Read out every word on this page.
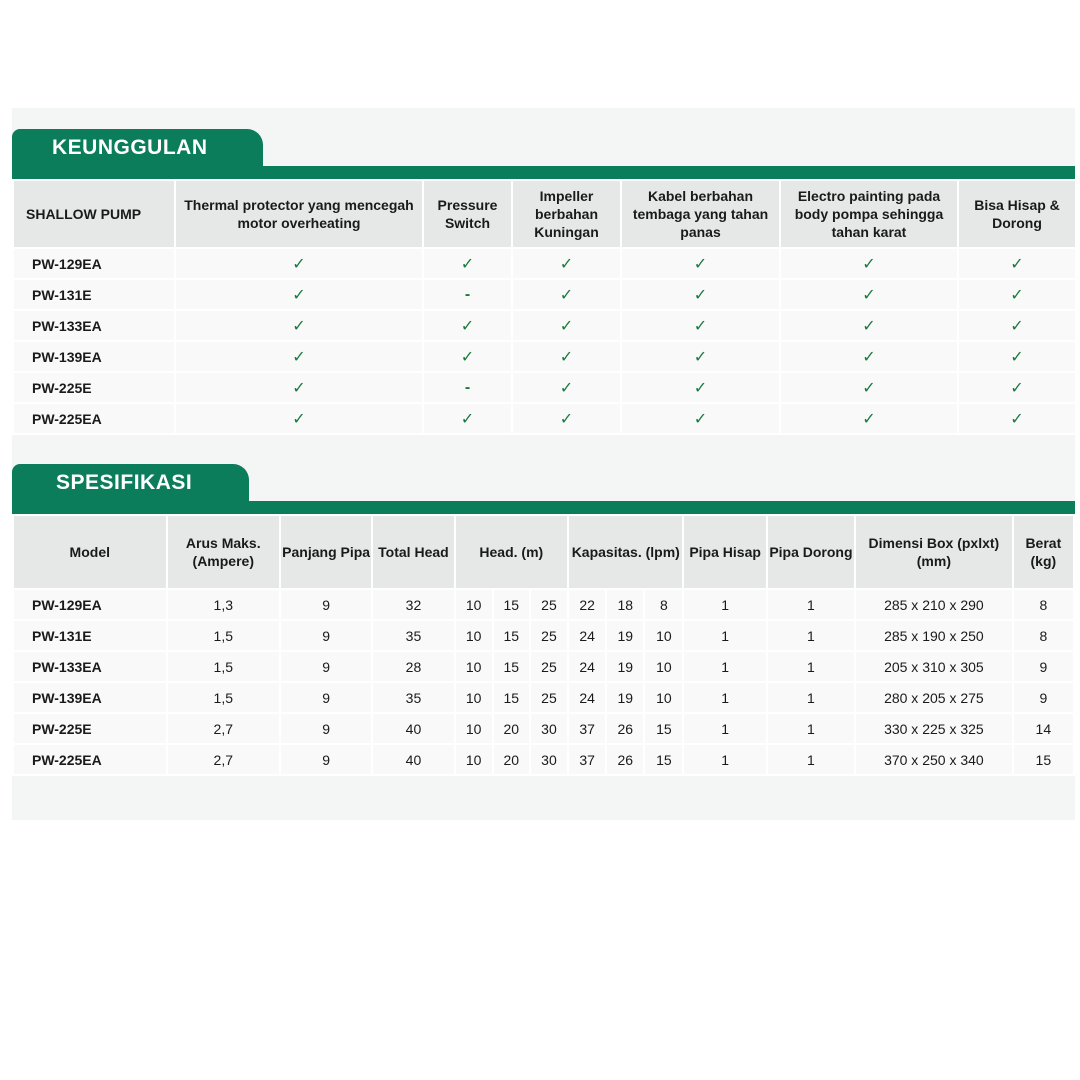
KEUNGGULAN
SHALLOW PUMP	Thermal protector yang mencegah motor overheating	Pressure Switch	Impeller berbahan Kuningan	Kabel berbahan tembaga yang tahan panas	Electro painting pada body pompa sehingga tahan karat	Bisa Hisap & Dorong
PW-129EA	✓	✓	✓	✓	✓	✓
PW-131E	✓	-	✓	✓	✓	✓
PW-133EA	✓	✓	✓	✓	✓	✓
PW-139EA	✓	✓	✓	✓	✓	✓
PW-225E	✓	-	✓	✓	✓	✓
PW-225EA	✓	✓	✓	✓	✓	✓
SPESIFIKASI
Model	Arus Maks. (Ampere)	Panjang Pipa	Total Head	Head. (m)			Kapasitas. (lpm)			Pipa Hisap	Pipa Dorong	Dimensi Box (pxlxt) (mm)	Berat (kg)
PW-129EA	1,3	9	32	10	15	25	22	18	8	1	1	285 x 210 x 290	8
PW-131E	1,5	9	35	10	15	25	24	19	10	1	1	285 x 190 x 250	8
PW-133EA	1,5	9	28	10	15	25	24	19	10	1	1	205 x 310 x 305	9
PW-139EA	1,5	9	35	10	15	25	24	19	10	1	1	280 x 205 x 275	9
PW-225E	2,7	9	40	10	20	30	37	26	15	1	1	330 x 225 x 325	14
PW-225EA	2,7	9	40	10	20	30	37	26	15	1	1	370 x 250 x 340	15
